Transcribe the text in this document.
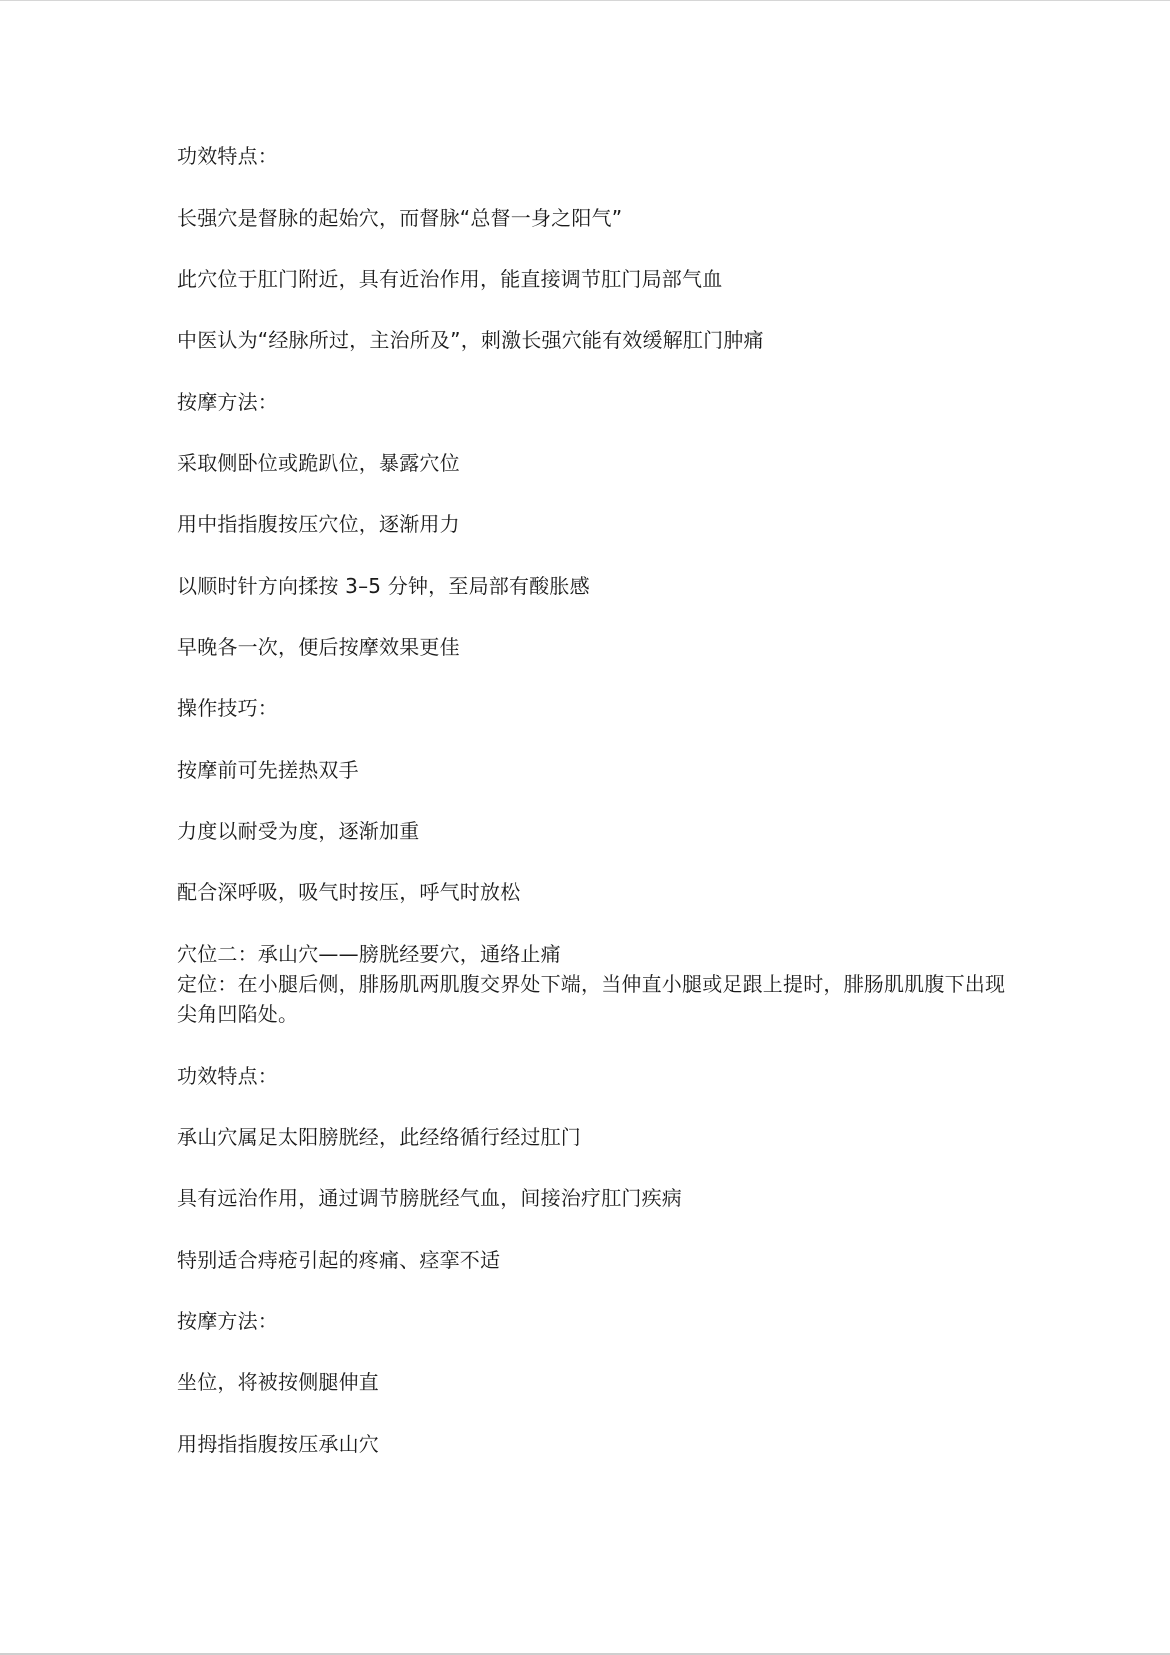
功效特点：
长强穴是督脉的起始穴，而督脉“总督一身之阳气”
此穴位于肛门附近，具有近治作用，能直接调节肛门局部气血
中医认为“经脉所过，主治所及”，刺激长强穴能有效缓解肛门肿痛
按摩方法：
采取侧卧位或跪趴位，暴露穴位
用中指指腹按压穴位，逐渐用力
以顺时针方向揉按 3–5 分钟，至局部有酸胀感
早晚各一次，便后按摩效果更佳
操作技巧：
按摩前可先搓热双手
力度以耐受为度，逐渐加重
配合深呼吸，吸气时按压，呼气时放松
穴位二：承山穴——膀胱经要穴，通络止痛
定位：在小腿后侧，腓肠肌两肌腹交界处下端，当伸直小腿或足跟上提时，腓肠肌肌腹下出现尖角凹陷处。
功效特点：
承山穴属足太阳膀胱经，此经络循行经过肛门
具有远治作用，通过调节膀胱经气血，间接治疗肛门疾病
特别适合痔疮引起的疼痛、痉挛不适
按摩方法：
坐位，将被按侧腿伸直
用拇指指腹按压承山穴
